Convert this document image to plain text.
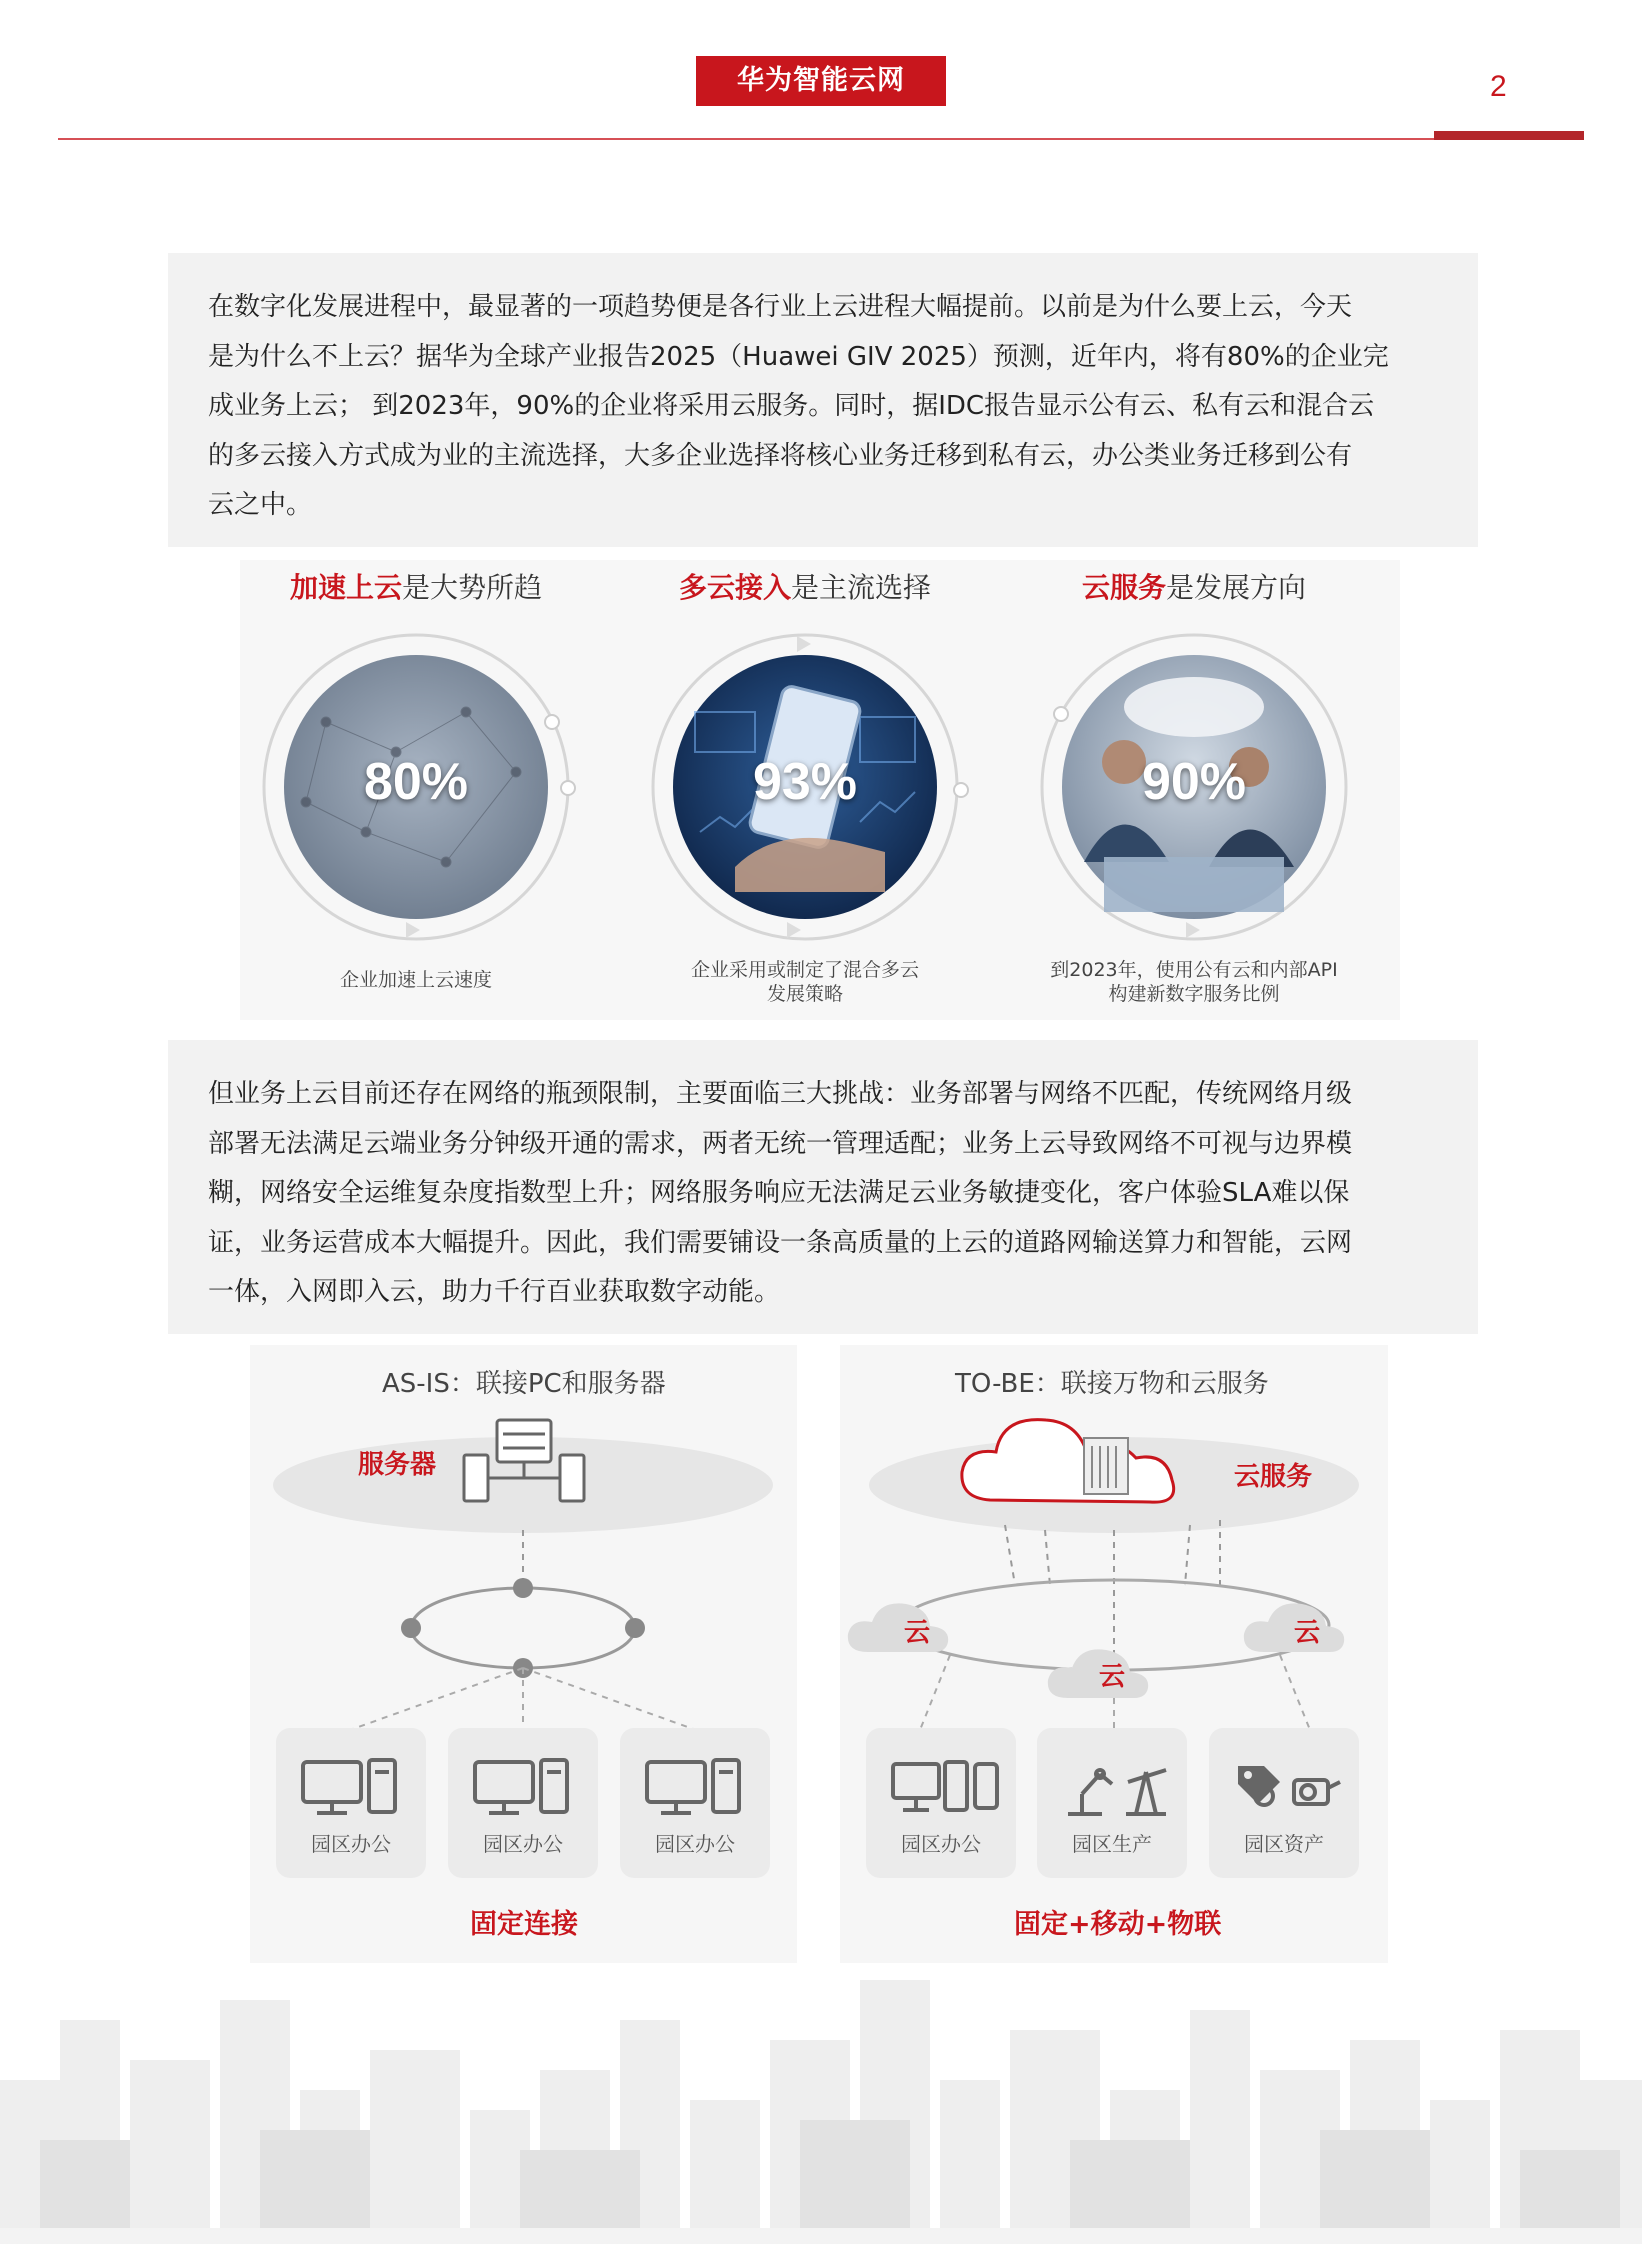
华为智能云网	2

在数字化发展进程中，最显著的一项趋势便是各行业上云进程大幅提前。以前是为什么要上云，今天
是为什么不上云？据华为全球产业报告2025（Huawei GIV 2025）预测，近年内，将有80%的企业完
成业务上云； 到2023年，90%的企业将采用云服务。同时，据IDC报告显示公有云、私有云和混合云
的多云接入方式成为业的主流选择，大多企业选择将核心业务迁移到私有云，办公类业务迁移到公有
云之中。

加速上云是大势所趋
80%
企业加速上云速度
多云接入是主流选择
93%
企业采用或制定了混合多云
发展策略
云服务是发展方向
90%
到2023年，使用公有云和内部API
构建新数字服务比例

但业务上云目前还存在网络的瓶颈限制，主要面临三大挑战：业务部署与网络不匹配，传统网络月级
部署无法满足云端业务分钟级开通的需求，两者无统一管理适配；业务上云导致网络不可视与边界模
糊，网络安全运维复杂度指数型上升；网络服务响应无法满足云业务敏捷变化，客户体验SLA难以保
证，业务运营成本大幅提升。因此，我们需要铺设一条高质量的上云的道路网输送算力和智能，云网
一体，入网即入云，助力千行百业获取数字动能。

AS-IS：联接PC和服务器
服务器
园区办公	园区办公	园区办公
固定连接
TO-BE：联接万物和云服务
云服务
云	云
云
园区办公	园区生产	园区资产
固定+移动+物联
